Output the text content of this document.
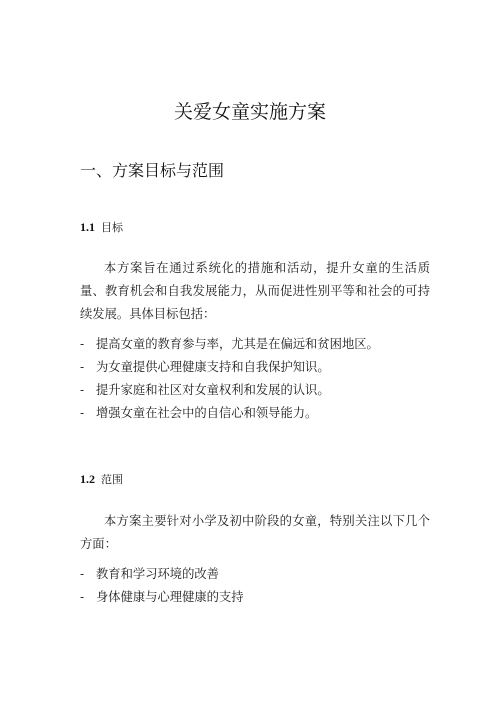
关爱女童实施方案
一、方案目标与范围
1.1 目标

本方案旨在通过系统化的措施和活动，提升女童的生活质量、教育机会和自我发展能力，从而促进性别平等和社会的可持续发展。具体目标包括：

- 提高女童的教育参与率，尤其是在偏远和贫困地区。
- 为女童提供心理健康支持和自我保护知识。
- 提升家庭和社区对女童权利和发展的认识。
- 增强女童在社会中的自信心和领导能力。
1.2 范围

本方案主要针对小学及初中阶段的女童，特别关注以下几个方面：

- 教育和学习环境的改善
- 身体健康与心理健康的支持
